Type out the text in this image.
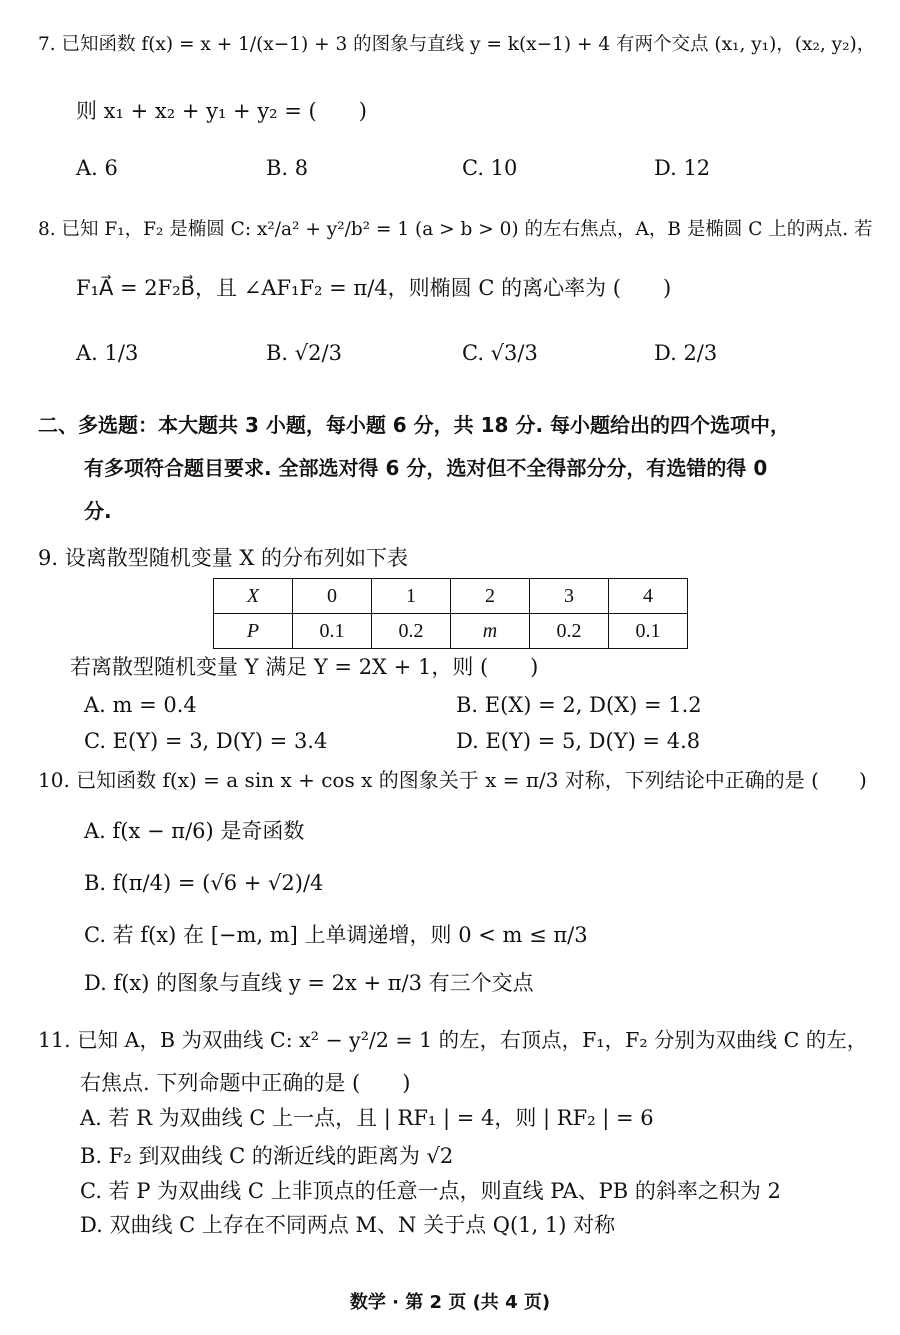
7. 已知函数 f(x) = x + 1/(x−1) + 3 的图象与直线 y = k(x−1) + 4 有两个交点 (x₁, y₁)，(x₂, y₂)，
则 x₁ + x₂ + y₁ + y₂ = (　　)
A. 6	B. 8	C. 10	D. 12
8. 已知 F₁，F₂ 是椭圆 C: x²/a² + y²/b² = 1 (a > b > 0) 的左右焦点，A，B 是椭圆 C 上的两点. 若
F₁A⃗ = 2F₂B⃗，且 ∠AF₁F₂ = π/4，则椭圆 C 的离心率为 (　　)
A. 1/3	B. √2/3	C. √3/3	D. 2/3
二、多选题：本大题共 3 小题，每小题 6 分，共 18 分. 每小题给出的四个选项中，
有多项符合题目要求. 全部选对得 6 分，选对但不全得部分分，有选错的得 0
分.
9. 设离散型随机变量 X 的分布列如下表
X	0	1	2	3	4
P	0.1	0.2	m	0.2	0.1
若离散型随机变量 Y 满足 Y = 2X + 1，则 (　　)
A. m = 0.4	B. E(X) = 2, D(X) = 1.2
C. E(Y) = 3, D(Y) = 3.4	D. E(Y) = 5, D(Y) = 4.8
10. 已知函数 f(x) = a sin x + cos x 的图象关于 x = π/3 对称，下列结论中正确的是 (　　)
A. f(x − π/6) 是奇函数
B. f(π/4) = (√6 + √2)/4
C. 若 f(x) 在 [−m, m] 上单调递增，则 0 < m ≤ π/3
D. f(x) 的图象与直线 y = 2x + π/3 有三个交点
11. 已知 A，B 为双曲线 C: x² − y²/2 = 1 的左，右顶点，F₁，F₂ 分别为双曲线 C 的左，
右焦点. 下列命题中正确的是 (　　)
A. 若 R 为双曲线 C 上一点，且 | RF₁ | = 4，则 | RF₂ | = 6
B. F₂ 到双曲线 C 的渐近线的距离为 √2
C. 若 P 为双曲线 C 上非顶点的任意一点，则直线 PA、PB 的斜率之积为 2
D. 双曲线 C 上存在不同两点 M、N 关于点 Q(1, 1) 对称
数学 · 第 2 页 (共 4 页)
